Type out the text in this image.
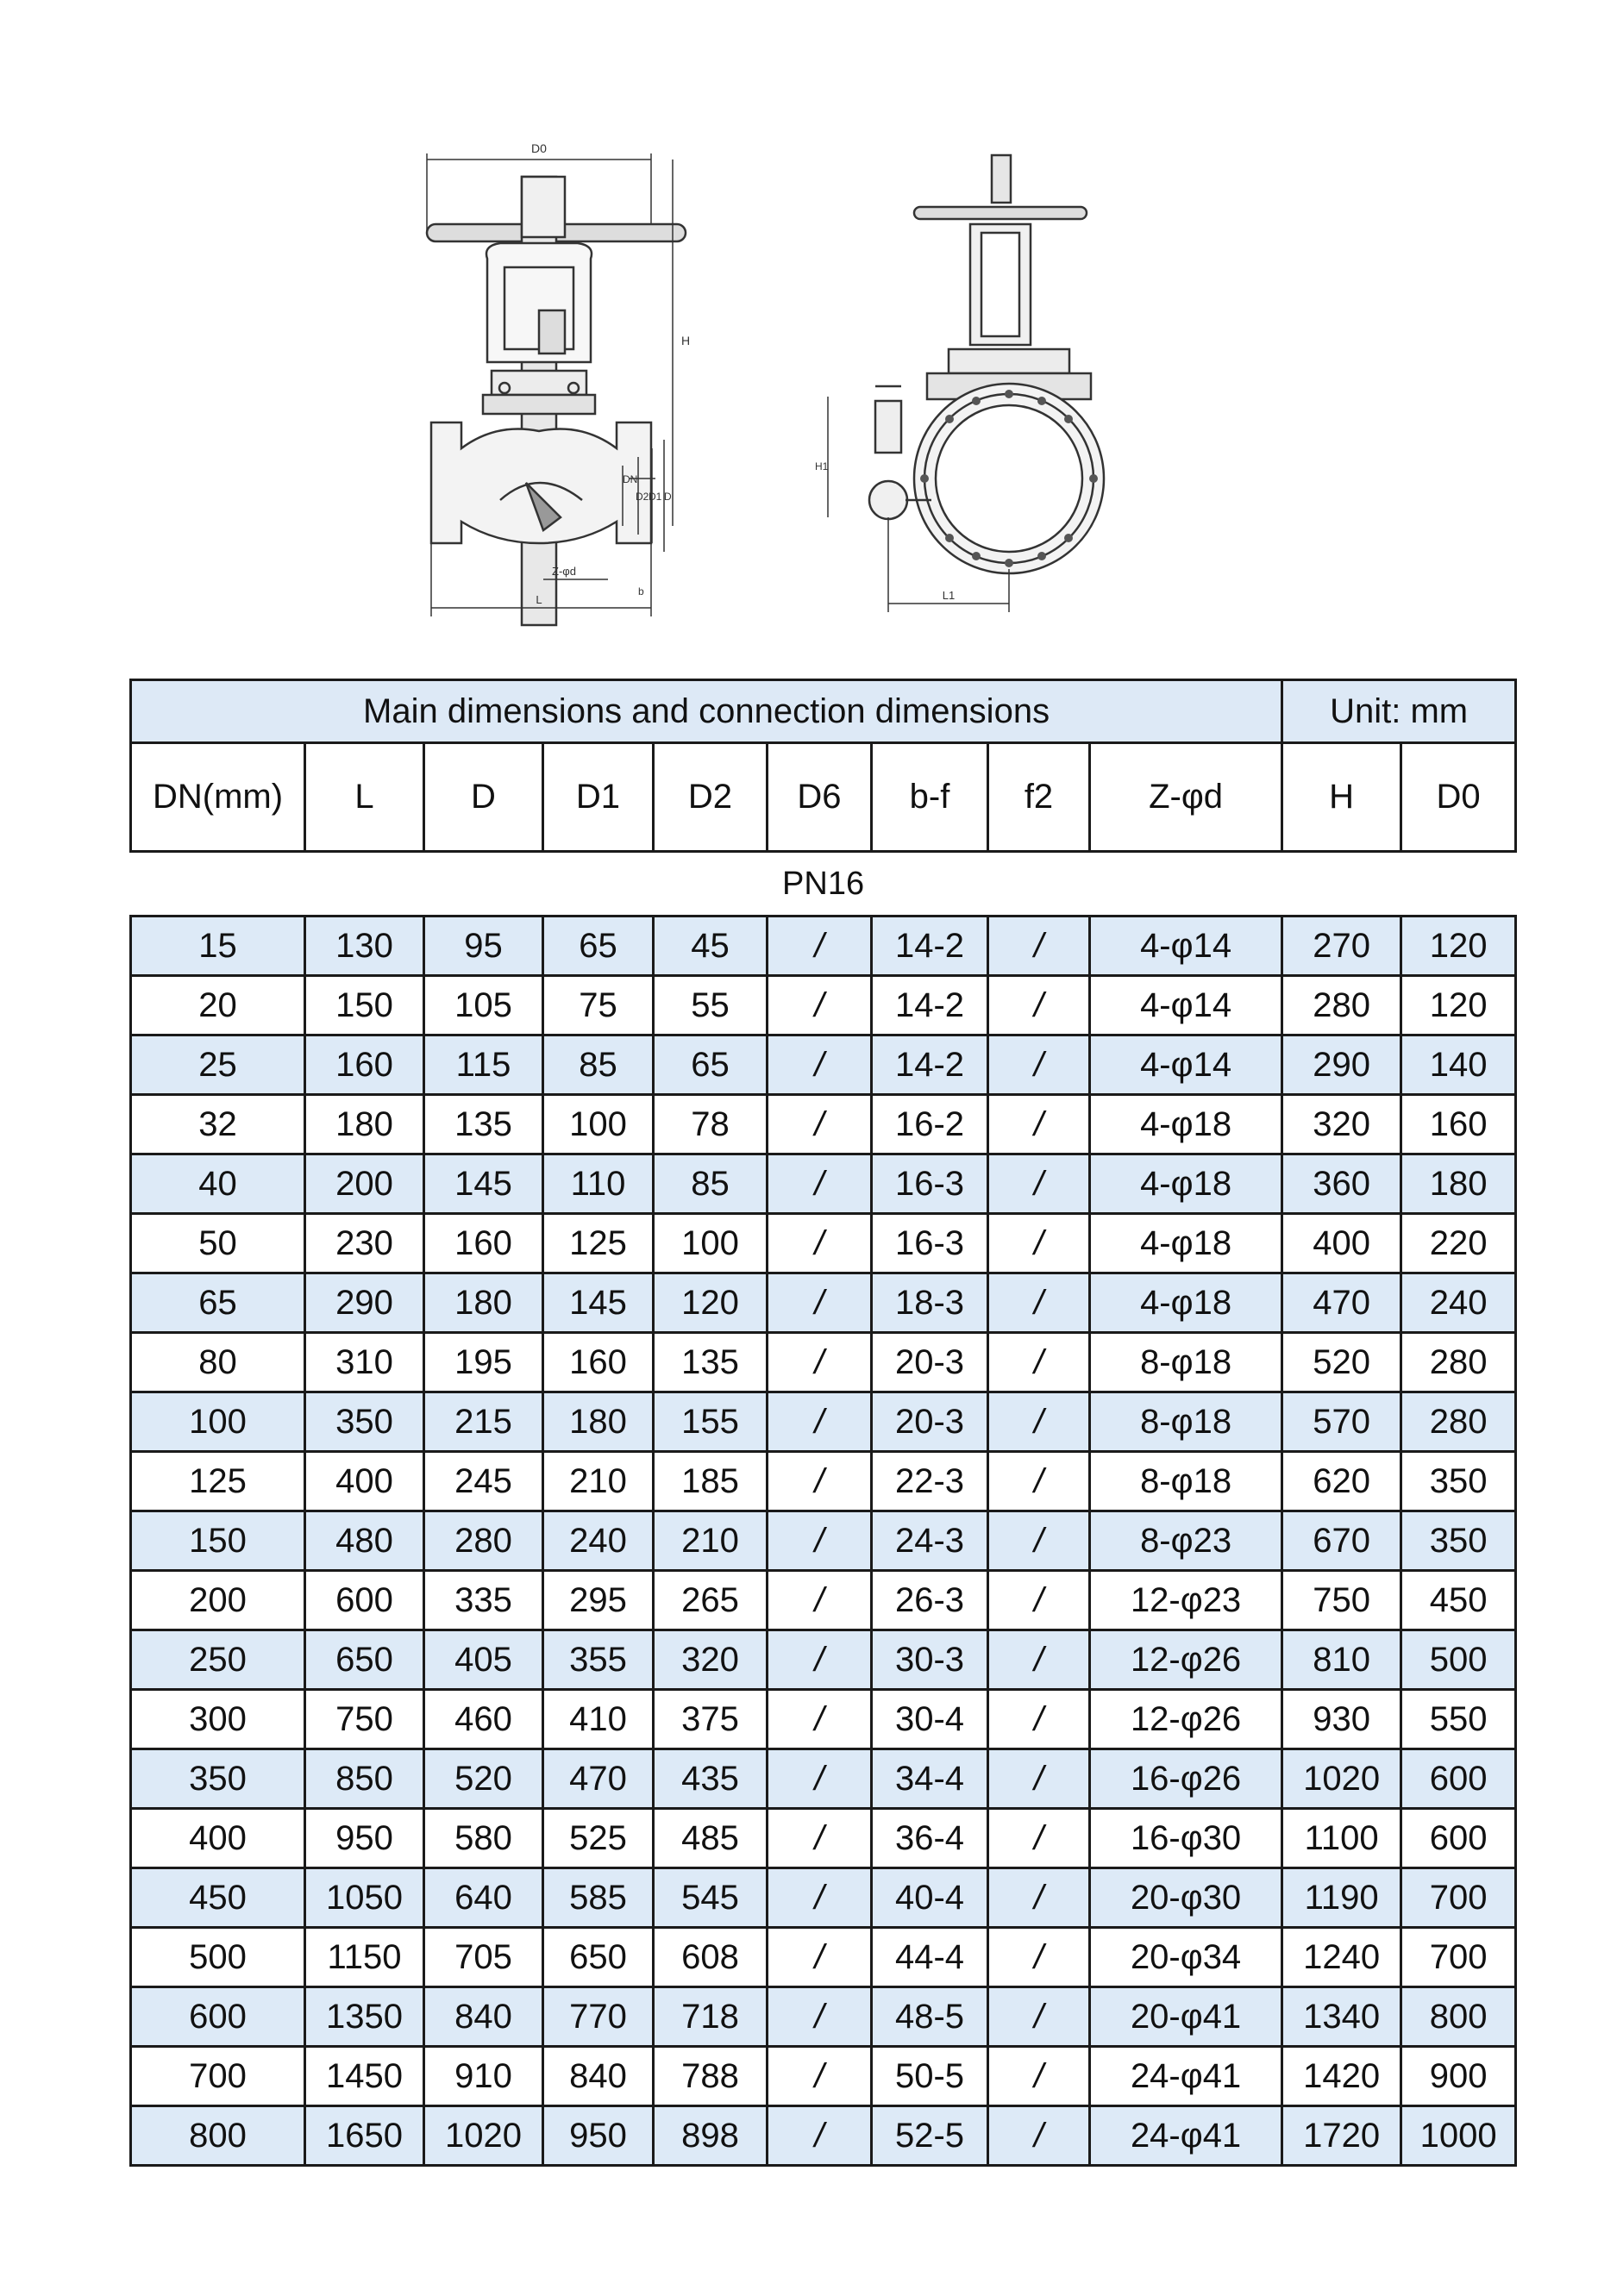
D0
H
DN
D2 D1 D
Z-φd
L
b
H1
L1
Main dimensions and connection dimensions									Unit: mm	
DN(mm)	L	D	D1	D2	D6	b-f	f2	Z-φd	H	D0
PN16										
15	130	95	65	45	/	14-2	/	4-φ14	270	120
20	150	105	75	55	/	14-2	/	4-φ14	280	120
25	160	115	85	65	/	14-2	/	4-φ14	290	140
32	180	135	100	78	/	16-2	/	4-φ18	320	160
40	200	145	110	85	/	16-3	/	4-φ18	360	180
50	230	160	125	100	/	16-3	/	4-φ18	400	220
65	290	180	145	120	/	18-3	/	4-φ18	470	240
80	310	195	160	135	/	20-3	/	8-φ18	520	280
100	350	215	180	155	/	20-3	/	8-φ18	570	280
125	400	245	210	185	/	22-3	/	8-φ18	620	350
150	480	280	240	210	/	24-3	/	8-φ23	670	350
200	600	335	295	265	/	26-3	/	12-φ23	750	450
250	650	405	355	320	/	30-3	/	12-φ26	810	500
300	750	460	410	375	/	30-4	/	12-φ26	930	550
350	850	520	470	435	/	34-4	/	16-φ26	1020	600
400	950	580	525	485	/	36-4	/	16-φ30	1100	600
450	1050	640	585	545	/	40-4	/	20-φ30	1190	700
500	1150	705	650	608	/	44-4	/	20-φ34	1240	700
600	1350	840	770	718	/	48-5	/	20-φ41	1340	800
700	1450	910	840	788	/	50-5	/	24-φ41	1420	900
800	1650	1020	950	898	/	52-5	/	24-φ41	1720	1000
